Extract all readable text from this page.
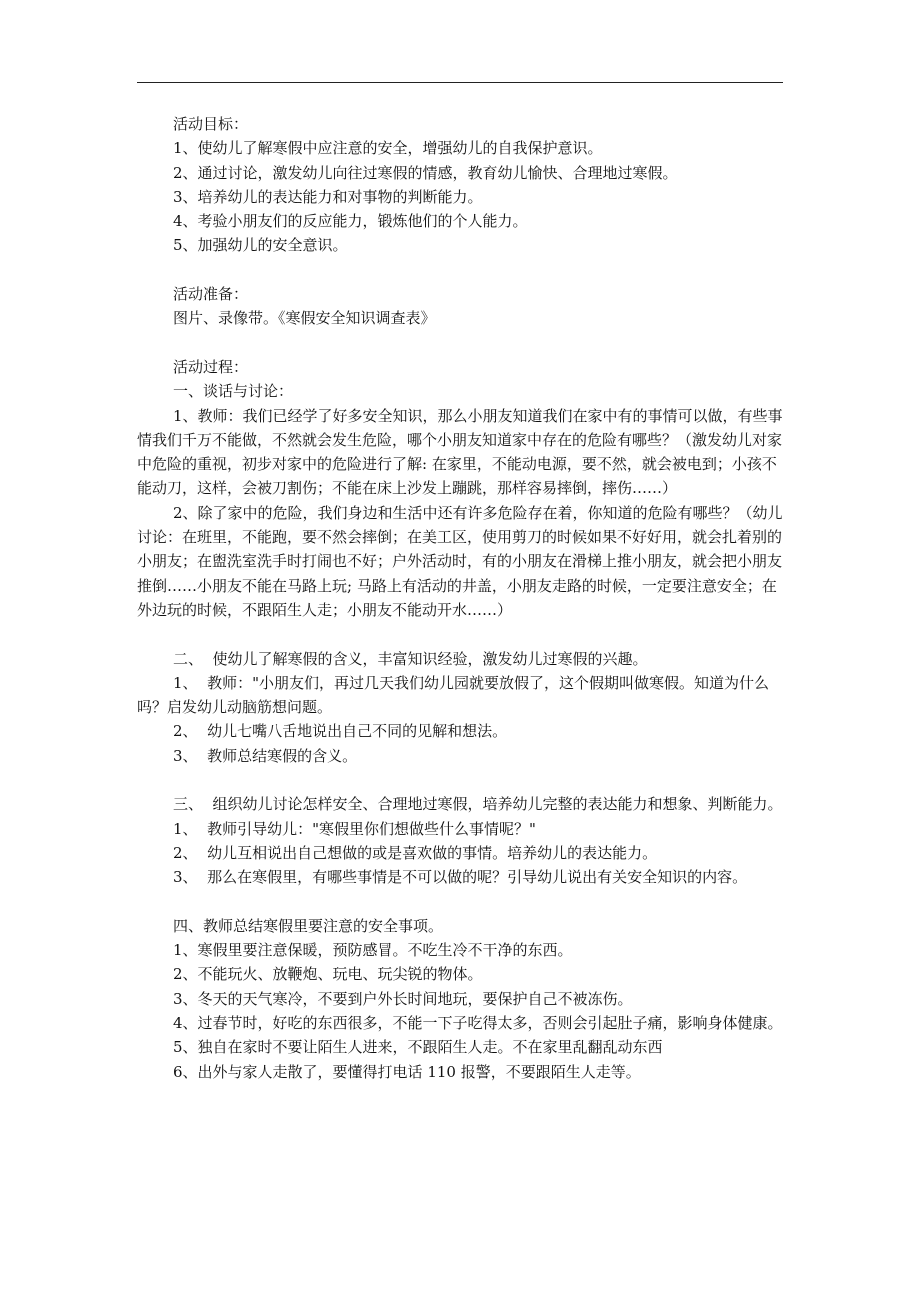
活动目标：

1、使幼儿了解寒假中应注意的安全，增强幼儿的自我保护意识。

2、通过讨论，激发幼儿向往过寒假的情感，教育幼儿愉快、合理地过寒假。

3、培养幼儿的表达能力和对事物的判断能力。

4、考验小朋友们的反应能力，锻炼他们的个人能力。

5、加强幼儿的安全意识。

活动准备：

图片、录像带。《寒假安全知识调查表》

活动过程：

一、谈话与讨论：

1、教师：我们已经学了好多安全知识，那么小朋友知道我们在家中有的事情可以做，有些事情我们千万不能做，不然就会发生危险，哪个小朋友知道家中存在的危险有哪些？（激发幼儿对家中危险的重视，初步对家中的危险进行了解: 在家里，不能动电源，要不然，就会被电到；小孩不能动刀，这样，会被刀割伤；不能在床上沙发上蹦跳，那样容易摔倒，摔伤……）

2、除了家中的危险，我们身边和生活中还有许多危险存在着，你知道的危险有哪些？（幼儿讨论：在班里，不能跑，要不然会摔倒；在美工区，使用剪刀的时候如果不好好用，就会扎着别的小朋友；在盥洗室洗手时打闹也不好；户外活动时，有的小朋友在滑梯上推小朋友，就会把小朋友推倒……小朋友不能在马路上玩; 马路上有活动的井盖，小朋友走路的时候，一定要注意安全；在外边玩的时候，不跟陌生人走；小朋友不能动开水……）

二、  使幼儿了解寒假的含义，丰富知识经验，激发幼儿过寒假的兴趣。

1、  教师："小朋友们，再过几天我们幼儿园就要放假了，这个假期叫做寒假。知道为什么吗？启发幼儿动脑筋想问题。

2、  幼儿七嘴八舌地说出自己不同的见解和想法。

3、  教师总结寒假的含义。

三、  组织幼儿讨论怎样安全、合理地过寒假，培养幼儿完整的表达能力和想象、判断能力。

1、  教师引导幼儿："寒假里你们想做些什么事情呢？"

2、  幼儿互相说出自己想做的或是喜欢做的事情。培养幼儿的表达能力。

3、  那么在寒假里，有哪些事情是不可以做的呢？引导幼儿说出有关安全知识的内容。

四、教师总结寒假里要注意的安全事项。

1、寒假里要注意保暖，预防感冒。不吃生冷不干净的东西。

2、不能玩火、放鞭炮、玩电、玩尖锐的物体。

3、冬天的天气寒冷，不要到户外长时间地玩，要保护自己不被冻伤。

4、过春节时，好吃的东西很多，不能一下子吃得太多，否则会引起肚子痛，影响身体健康。

5、独自在家时不要让陌生人进来，不跟陌生人走。不在家里乱翻乱动东西

6、出外与家人走散了，要懂得打电话 110 报警，不要跟陌生人走等。
